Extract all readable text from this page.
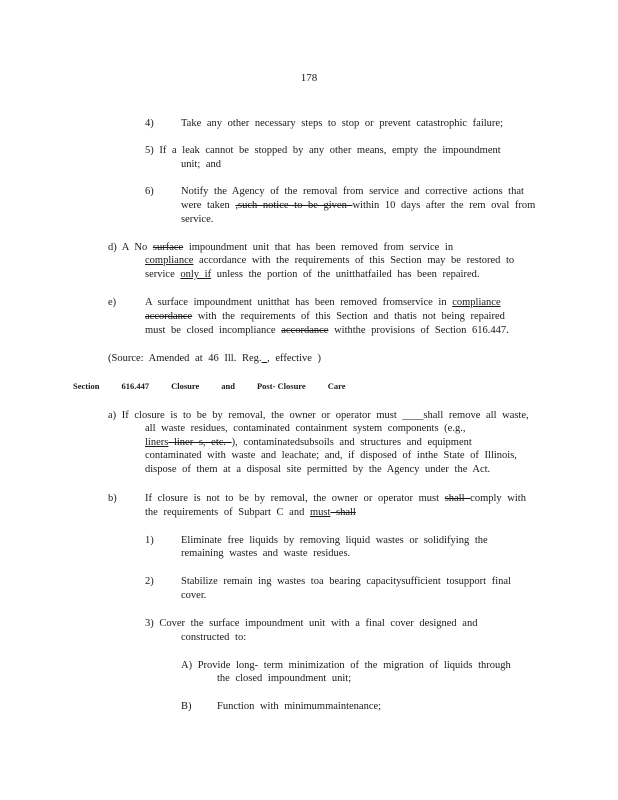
178
4)	Take any other necessary steps to stop or prevent catastrophic failure;
5) If a leak cannot be stopped by any other means, empty the impoundment
unit; and
6)	Notify the Agency of the removal from service and corrective actions that
were taken ,such notice to be given within 10 days after the rem oval from
service.
d) A No surface impoundment unit that has been removed from service in
compliance accordance with the requirements of this Section may be restored to
service only if unless the portion of the unitthatfailed has been repaired.
e)	A surface impoundment unitthat has been removed fromservice in compliance
accordance with the requirements of this Section and thatis not being repaired
must be closed incompliance accordance withthe provisions of Section 616.447.
(Source: Amended at 46 Ill. Reg. , effective )
Section	616.447	Closure	and	Post- Closure	Care
a) If closure is to be by removal, the owner or operator must ____shall remove all waste,
all waste residues, contaminated containment system components (e.g.,
liners liner s, etc. ), contaminatedsubsoils and structures and equipment
contaminated with waste and leachate; and, if disposed of inthe State of Illinois,
dispose of them at a disposal site permitted by the Agency under the Act.
b)	If closure is not to be by removal, the owner or operator must shall comply with
the requirements of Subpart C and must shall
1)	Eliminate free liquids by removing liquid wastes or solidifying the
remaining wastes and waste residues.
2)	Stabilize remain ing wastes toa bearing capacitysufficient tosupport final
cover.
3) Cover the surface impoundment unit with a final cover designed and
constructed to:
A) Provide long- term minimization of the migration of liquids through
the closed impoundment unit;
B) Function with minimummaintenance;
